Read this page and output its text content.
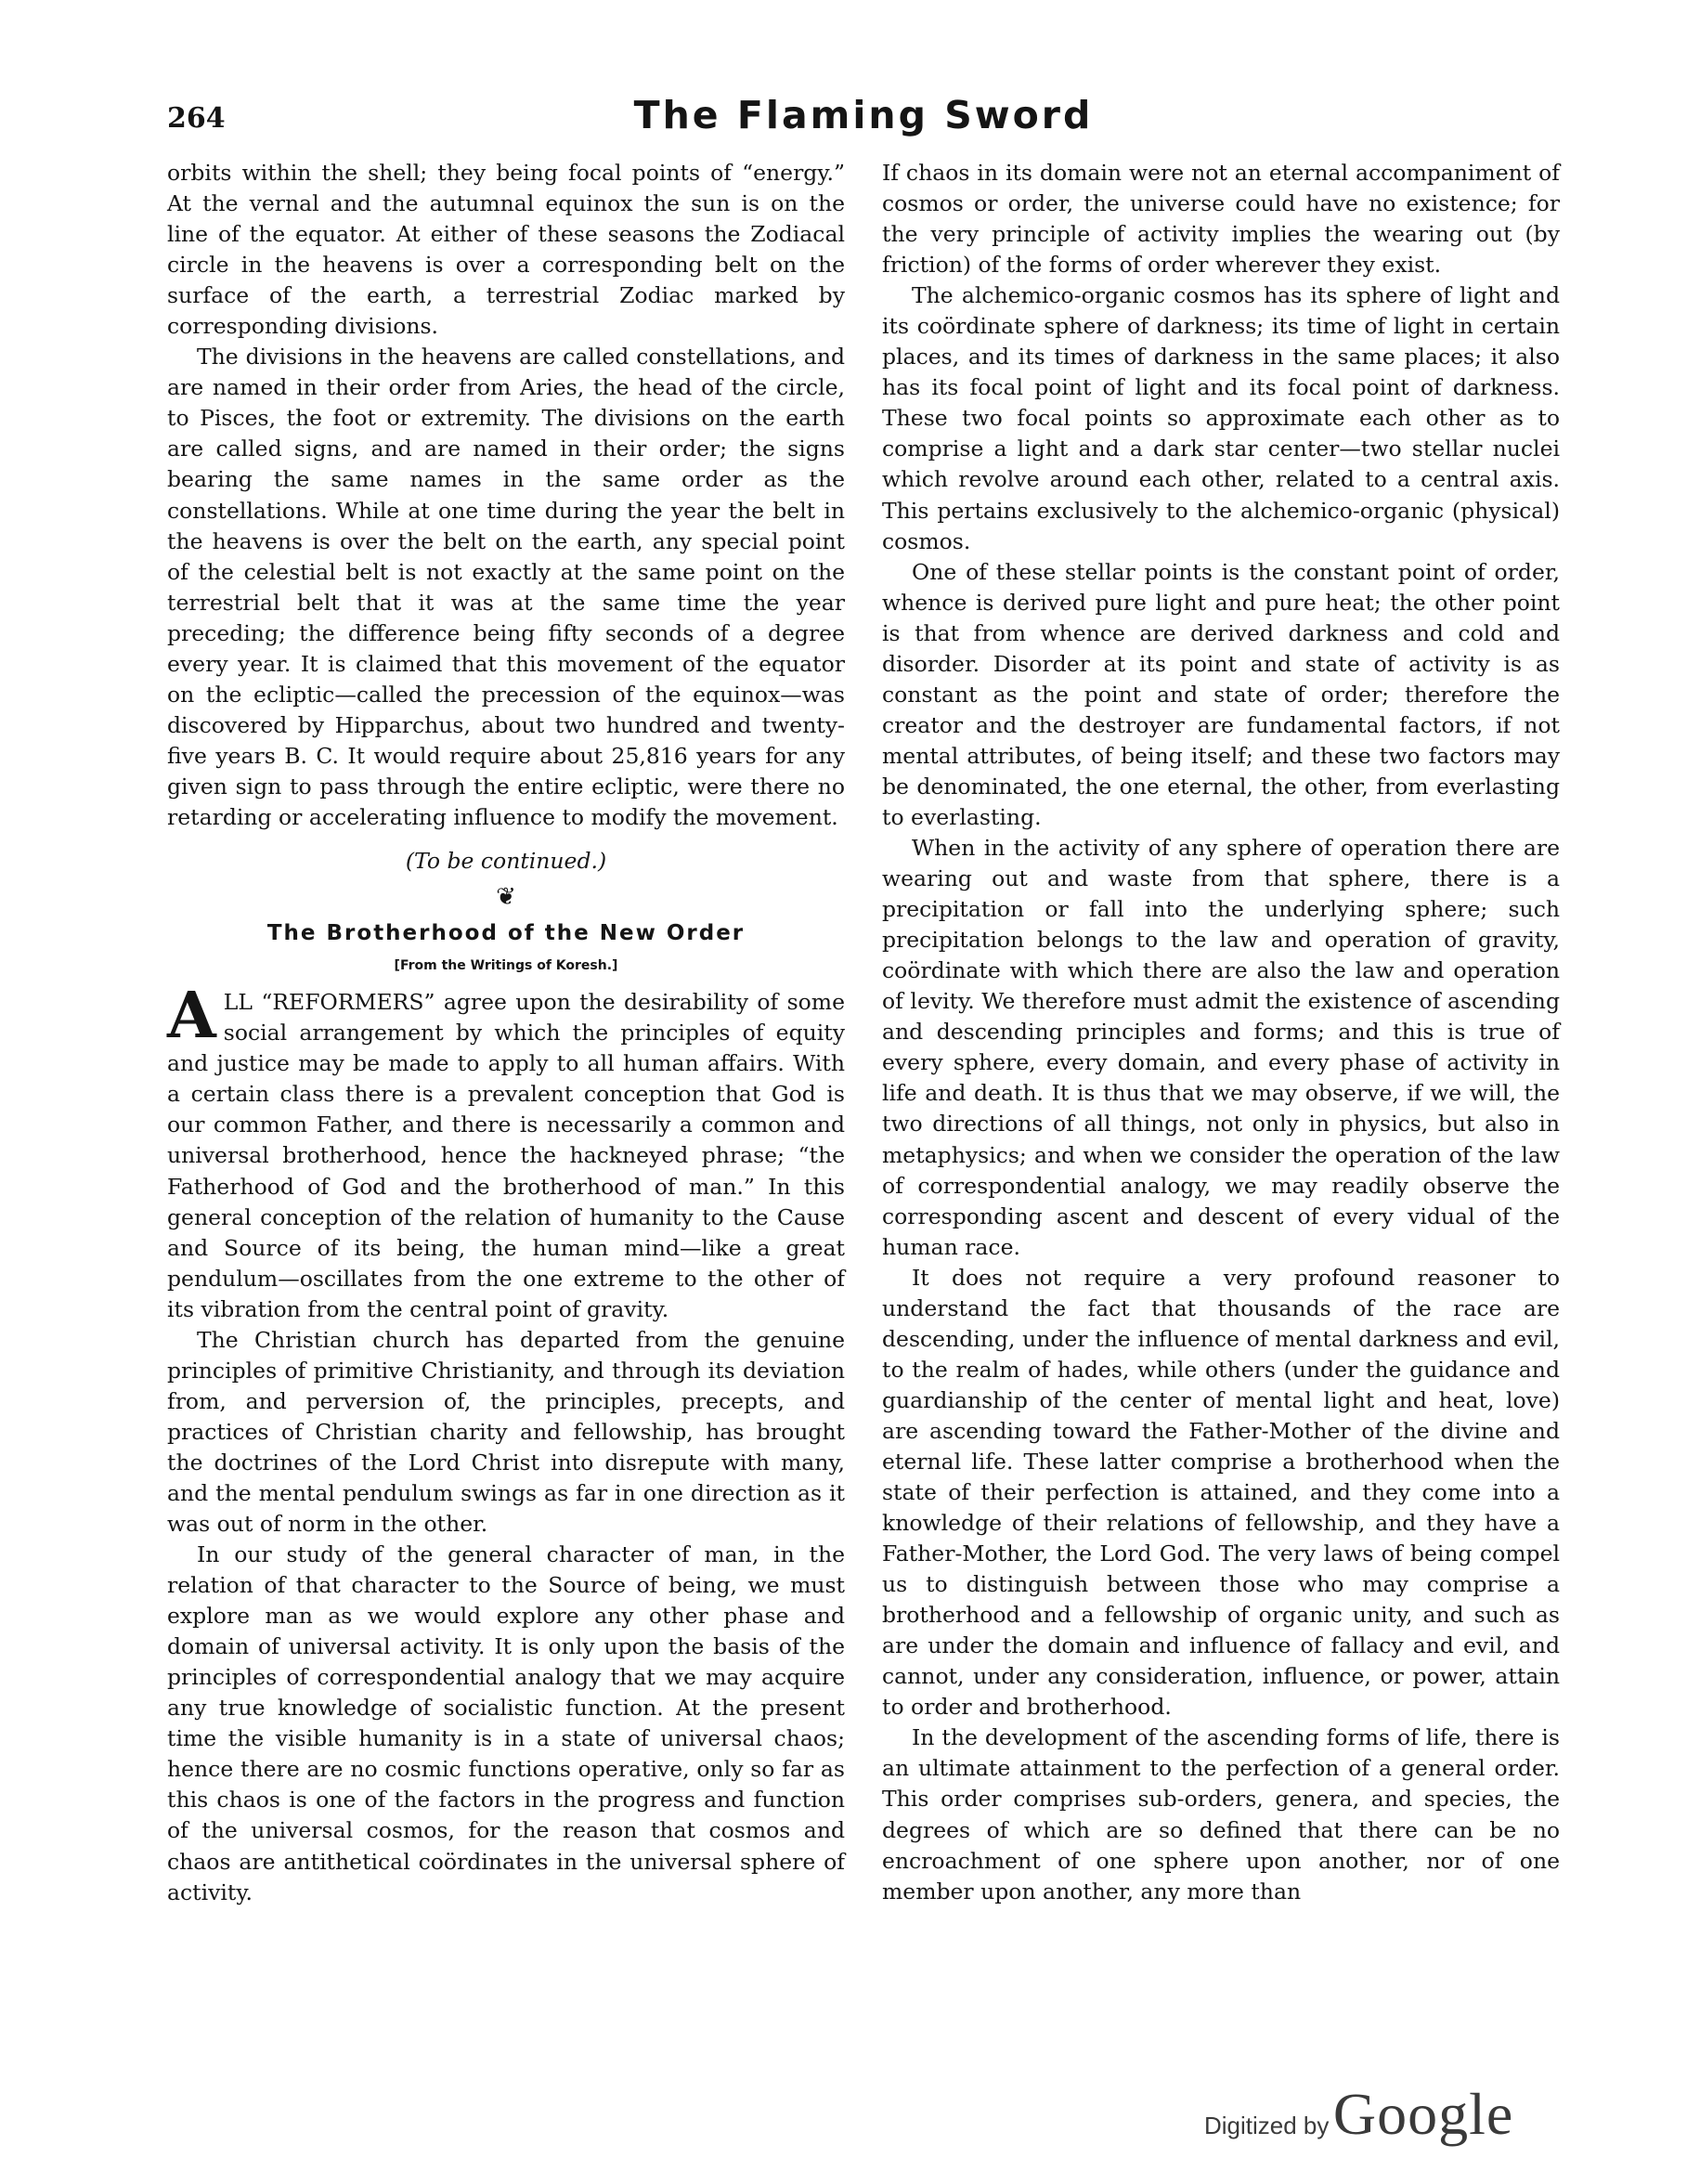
264	The Flaming Sword

orbits within the shell; they being focal points of “energy.” At the vernal and the autumnal equinox the sun is on the line of the equator. At either of these seasons the Zodiacal circle in the heavens is over a corresponding belt on the surface of the earth, a terrestrial Zodiac marked by corresponding divisions.

The divisions in the heavens are called constellations, and are named in their order from Aries, the head of the circle, to Pisces, the foot or extremity. The divisions on the earth are called signs, and are named in their order; the signs bearing the same names in the same order as the constellations. While at one time during the year the belt in the heavens is over the belt on the earth, any special point of the celestial belt is not exactly at the same point on the terrestrial belt that it was at the same time the year preceding; the difference being fifty seconds of a degree every year. It is claimed that this movement of the equator on the ecliptic—called the precession of the equinox—was discovered by Hipparchus, about two hundred and twenty-five years B. C. It would require about 25,816 years for any given sign to pass through the entire ecliptic, were there no retarding or accelerating influence to modify the movement.

(To be continued.)
❦
The Brotherhood of the New Order
[From the Writings of Koresh.]

ALL “REFORMERS” agree upon the desirability of some social arrangement by which the principles of equity and justice may be made to apply to all human affairs. With a certain class there is a prevalent conception that God is our common Father, and there is necessarily a common and universal brotherhood, hence the hackneyed phrase; “the Fatherhood of God and the brotherhood of man.” In this general conception of the relation of humanity to the Cause and Source of its being, the human mind—like a great pendulum—oscillates from the one extreme to the other of its vibration from the central point of gravity.

The Christian church has departed from the genuine principles of primitive Christianity, and through its deviation from, and perversion of, the principles, precepts, and practices of Christian charity and fellowship, has brought the doctrines of the Lord Christ into disrepute with many, and the mental pendulum swings as far in one direction as it was out of norm in the other.

In our study of the general character of man, in the relation of that character to the Source of being, we must explore man as we would explore any other phase and domain of universal activity. It is only upon the basis of the principles of correspondential analogy that we may acquire any true knowledge of socialistic function. At the present time the visible humanity is in a state of universal chaos; hence there are no cosmic functions operative, only so far as this chaos is one of the factors in the progress and function of the universal cosmos, for the reason that cosmos and chaos are antithetical coördinates in the universal sphere of activity.

If chaos in its domain were not an eternal accompaniment of cosmos or order, the universe could have no existence; for the very principle of activity implies the wearing out (by friction) of the forms of order wherever they exist.

The alchemico-organic cosmos has its sphere of light and its coördinate sphere of darkness; its time of light in certain places, and its times of darkness in the same places; it also has its focal point of light and its focal point of darkness. These two focal points so approximate each other as to comprise a light and a dark star center—two stellar nuclei which revolve around each other, related to a central axis. This pertains exclusively to the alchemico-organic (physical) cosmos.

One of these stellar points is the constant point of order, whence is derived pure light and pure heat; the other point is that from whence are derived darkness and cold and disorder. Disorder at its point and state of activity is as constant as the point and state of order; therefore the creator and the destroyer are fundamental factors, if not mental attributes, of being itself; and these two factors may be denominated, the one eternal, the other, from everlasting to everlasting.

When in the activity of any sphere of operation there are wearing out and waste from that sphere, there is a precipitation or fall into the underlying sphere; such precipitation belongs to the law and operation of gravity, coördinate with which there are also the law and operation of levity. We therefore must admit the existence of ascending and descending principles and forms; and this is true of every sphere, every domain, and every phase of activity in life and death. It is thus that we may observe, if we will, the two directions of all things, not only in physics, but also in metaphysics; and when we consider the operation of the law of correspondential analogy, we may readily observe the corresponding ascent and descent of every vidual of the human race.

It does not require a very profound reasoner to understand the fact that thousands of the race are descending, under the influence of mental darkness and evil, to the realm of hades, while others (under the guidance and guardianship of the center of mental light and heat, love) are ascending toward the Father-Mother of the divine and eternal life. These latter comprise a brotherhood when the state of their perfection is attained, and they come into a knowledge of their relations of fellowship, and they have a Father-Mother, the Lord God. The very laws of being compel us to distinguish between those who may comprise a brotherhood and a fellowship of organic unity, and such as are under the domain and influence of fallacy and evil, and cannot, under any consideration, influence, or power, attain to order and brotherhood.

In the development of the ascending forms of life, there is an ultimate attainment to the perfection of a general order. This order comprises sub-orders, genera, and species, the degrees of which are so defined that there can be no encroachment of one sphere upon another, nor of one member upon another, any more than

Digitized by Google
